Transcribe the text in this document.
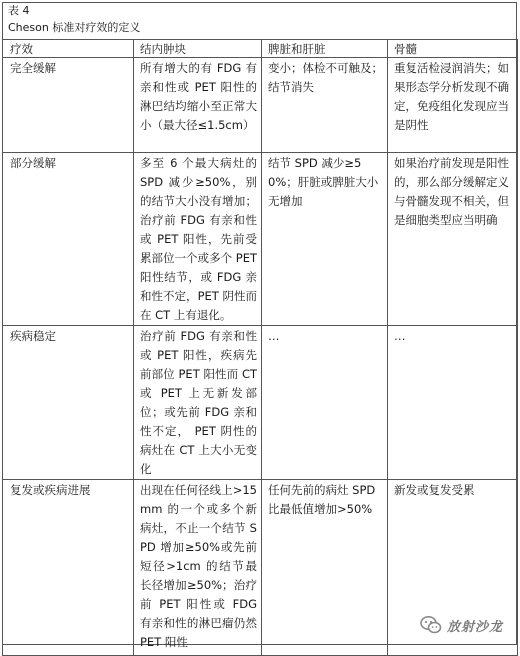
表 4
Cheson 标准对疗效的定义
疗效	结内肿块	脾脏和肝脏	骨髓
完全缓解	所有增大的有 FDG 有亲和性或 PET 阳性的淋巴结均缩小至正常大小（最大径≤1.5cm）	变小；体检不可触及；结节消失	重复活检浸润消失；如果形态学分析发现不确定，免疫组化发现应当是阴性
部分缓解	多至 6 个最大病灶的 SPD 减少≥50%，别的结节大小没有增加；治疗前 FDG 有亲和性或 PET 阳性，先前受累部位一个或多个 PET 阳性结节，或 FDG 亲和性不定，PET 阴性而在 CT 上有退化。	结节 SPD 减少≥50%；肝脏或脾脏大小无增加	如果治疗前发现是阳性的，那么部分缓解定义与骨髓发现不相关，但是细胞类型应当明确
疾病稳定	治疗前 FDG 有亲和性或 PET 阳性，疾病先前部位 PET 阳性而 CT 或 PET 上无新发部位；或先前 FDG 亲和性不定， PET 阴性的病灶在 CT 上大小无变化	…	…
复发或疾病进展	出现在任何径线上>15mm 的一个或多个新病灶，不止一个结节 SPD 增加≥50%或先前短径>1cm 的结节最长径增加≥50%；治疗前 PET 阳性或 FDG 有亲和性的淋巴瘤仍然 PET 阳性	任何先前的病灶 SPD 比最低值增加>50%	新发或复发受累
放射沙龙
